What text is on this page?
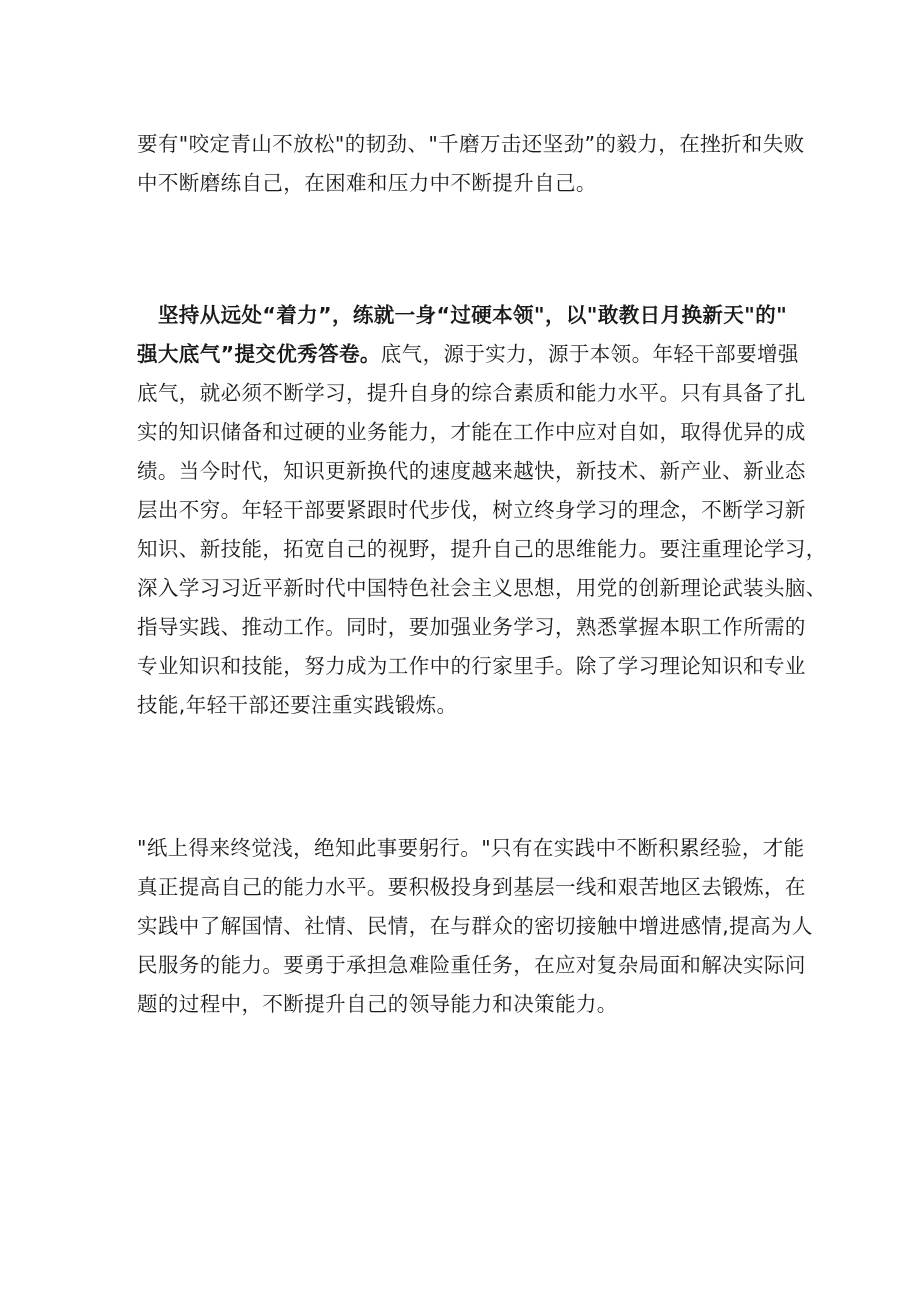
要有"咬定青山不放松"的韧劲、"千磨万击还坚劲”的毅力，在挫折和失败
中不断磨练自己，在困难和压力中不断提升自己。
　坚持从远处“着力”，练就一身“过硬本领"，以"敢教日月换新天"的"
强大底气”提交优秀答卷。底气，源于实力，源于本领。年轻干部要增强
底气，就必须不断学习，提升自身的综合素质和能力水平。只有具备了扎
实的知识储备和过硬的业务能力，才能在工作中应对自如，取得优异的成
绩。当今时代，知识更新换代的速度越来越快，新技术、新产业、新业态
层出不穷。年轻干部要紧跟时代步伐，树立终身学习的理念，不断学习新
知识、新技能，拓宽自己的视野，提升自己的思维能力。要注重理论学习，
深入学习习近平新时代中国特色社会主义思想，用党的创新理论武装头脑、
指导实践、推动工作。同时，要加强业务学习，熟悉掌握本职工作所需的
专业知识和技能，努力成为工作中的行家里手。除了学习理论知识和专业
技能,年轻干部还要注重实践锻炼。
"纸上得来终觉浅，绝知此事要躬行。"只有在实践中不断积累经验，才能
真正提高自己的能力水平。要积极投身到基层一线和艰苦地区去锻炼，在
实践中了解国情、社情、民情，在与群众的密切接触中增进感情,提高为人
民服务的能力。要勇于承担急难险重任务，在应对复杂局面和解决实际问
题的过程中，不断提升自己的领导能力和决策能力。
